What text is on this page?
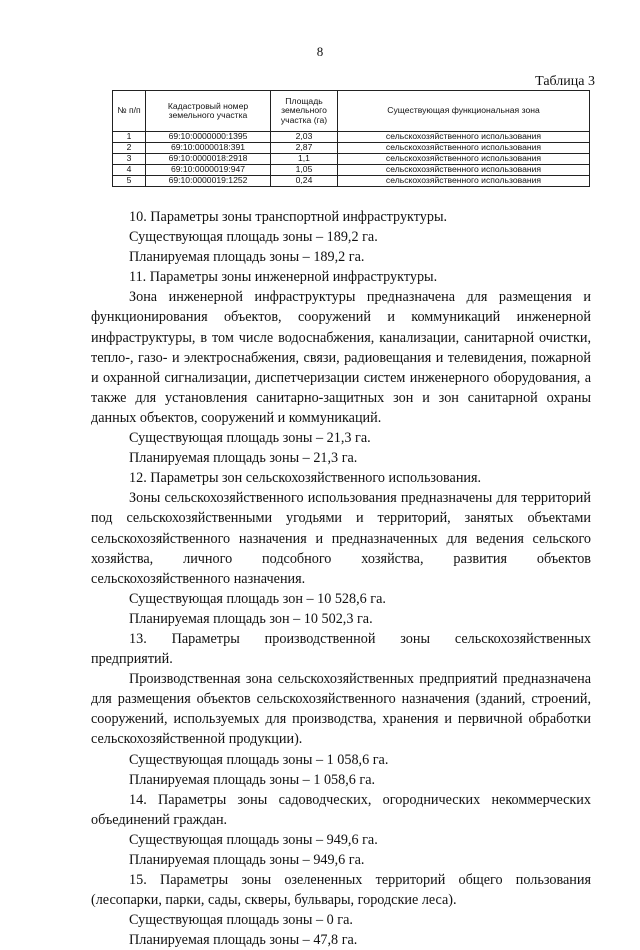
8
Таблица 3
№ п/п	Кадастровый номер земельного участка	Площадь земельного участка (га)	Существующая функциональная зона
1	69:10:0000000:1395	2,03	сельскохозяйственного использования
2	69:10:0000018:391	2,87	сельскохозяйственного использования
3	69:10:0000018:2918	1,1	сельскохозяйственного использования
4	69:10:0000019:947	1,05	сельскохозяйственного использования
5	69:10:0000019:1252	0,24	сельскохозяйственного использования

10. Параметры зоны транспортной инфраструктуры.

Существующая площадь зоны – 189,2 га.

Планируемая площадь зоны – 189,2 га.

11. Параметры зоны инженерной инфраструктуры.

Зона инженерной инфраструктуры предназначена для размещения и функционирования объектов, сооружений и коммуникаций инженерной инфраструктуры, в том числе водоснабжения, канализации, санитарной очистки, тепло-, газо- и электроснабжения, связи, радиовещания и телевидения, пожарной и охранной сигнализации, диспетчеризации систем инженерного оборудования, а также для установления санитарно-защитных зон и зон санитарной охраны данных объектов, сооружений и коммуникаций.

Существующая площадь зоны – 21,3 га.

Планируемая площадь зоны – 21,3 га.

12. Параметры зон сельскохозяйственного использования.

Зоны сельскохозяйственного использования предназначены для территорий под сельскохозяйственными угодьями и территорий, занятых объектами сельскохозяйственного назначения и предназначенных для ведения сельского хозяйства, личного подсобного хозяйства, развития объектов сельскохозяйственного назначения.

Существующая площадь зон – 10 528,6 га.

Планируемая площадь зон – 10 502,3 га.

13. Параметры производственной зоны сельскохозяйственных предприятий.

Производственная зона сельскохозяйственных предприятий предназначена для размещения объектов сельскохозяйственного назначения (зданий, строений, сооружений, используемых для производства, хранения и первичной обработки сельскохозяйственной продукции).

Существующая площадь зоны – 1 058,6 га.

Планируемая площадь зоны – 1 058,6 га.

14. Параметры зоны садоводческих, огороднических некоммерческих объединений граждан.

Существующая площадь зоны – 949,6 га.

Планируемая площадь зоны – 949,6 га.

15. Параметры зоны озелененных территорий общего пользования (лесопарки, парки, сады, скверы, бульвары, городские леса).

Существующая площадь зоны – 0 га.

Планируемая площадь зоны – 47,8 га.
